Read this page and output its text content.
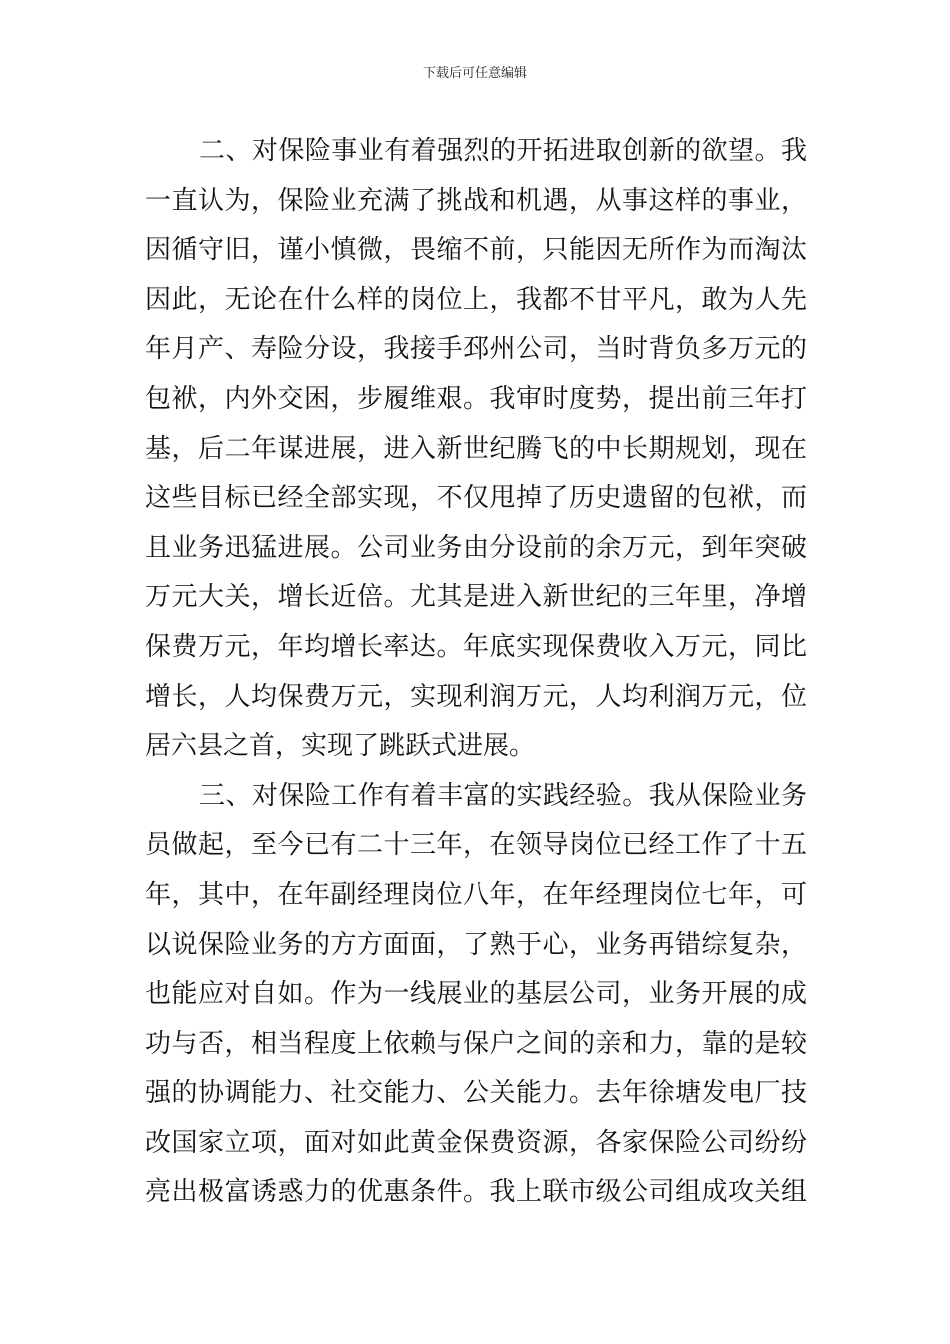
下载后可任意编辑
二、对保险事业有着强烈的开拓进取创新的欲望。我
一直认为，保险业充满了挑战和机遇，从事这样的事业，
因循守旧，谨小慎微，畏缩不前，只能因无所作为而淘汰
因此，无论在什么样的岗位上，我都不甘平凡，敢为人先
年月产、寿险分设，我接手邳州公司，当时背负多万元的
包袱，内外交困，步履维艰。我审时度势，提出前三年打
基，后二年谋进展，进入新世纪腾飞的中长期规划，现在
这些目标已经全部实现，不仅甩掉了历史遗留的包袱，而
且业务迅猛进展。公司业务由分设前的余万元，到年突破
万元大关，增长近倍。尤其是进入新世纪的三年里，净增
保费万元，年均增长率达。年底实现保费收入万元，同比
增长，人均保费万元，实现利润万元，人均利润万元，位
居六县之首，实现了跳跃式进展。
三、对保险工作有着丰富的实践经验。我从保险业务
员做起，至今已有二十三年，在领导岗位已经工作了十五
年，其中，在年副经理岗位八年，在年经理岗位七年，可
以说保险业务的方方面面，了熟于心，业务再错综复杂，
也能应对自如。作为一线展业的基层公司，业务开展的成
功与否，相当程度上依赖与保户之间的亲和力，靠的是较
强的协调能力、社交能力、公关能力。去年徐塘发电厂技
改国家立项，面对如此黄金保费资源，各家保险公司纷纷
亮出极富诱惑力的优惠条件。我上联市级公司组成攻关组
